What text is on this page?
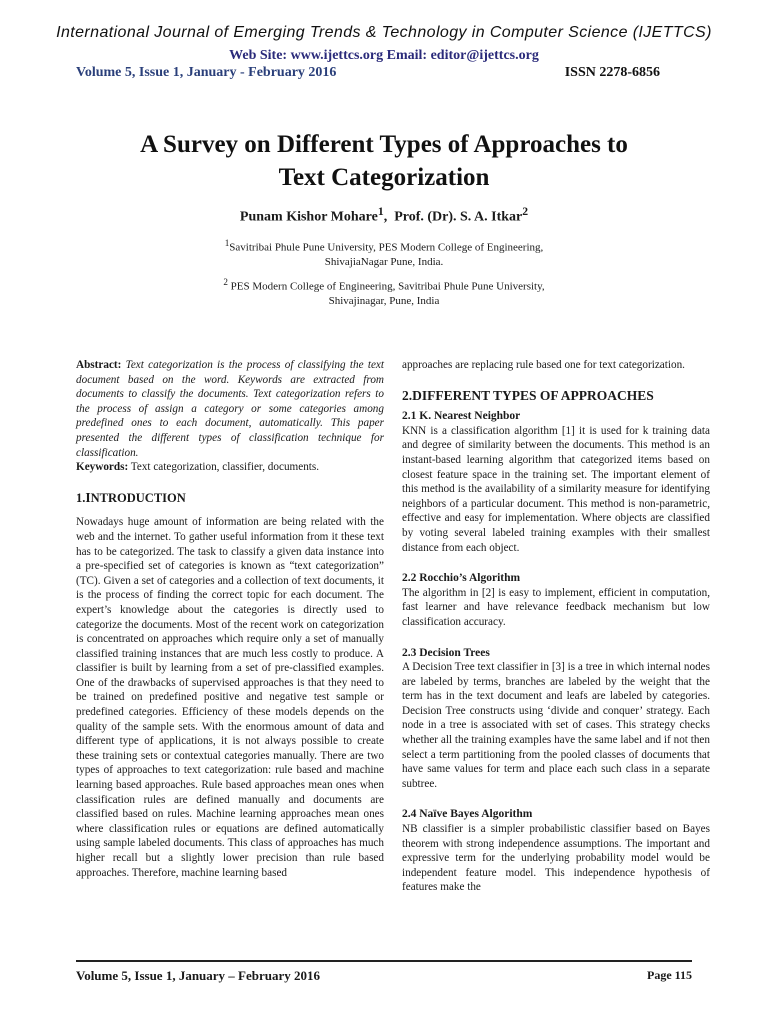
International Journal of Emerging Trends & Technology in Computer Science (IJETTCS)
Web Site: www.ijettcs.org Email: editor@ijettcs.org
Volume 5, Issue 1, January - February 2016	ISSN 2278-6856
A Survey on Different Types of Approaches to
Text Categorization
Punam Kishor Mohare$^1$,  Prof. (Dr). S. A. Itkar$^2$
$^1$Savitribai Phule Pune University, PES Modern College of Engineering,
ShivajiaNagar Pune, India.
$^2$ PES Modern College of Engineering, Savitribai Phule Pune University,
Shivajinagar, Pune, India

Abstract: Text categorization is the process of classifying the text document based on the word. Keywords are extracted from documents to classify the documents. Text categorization refers to the process of assign a category or some categories among predefined ones to each document, automatically. This paper presented the different types of classification technique for classification.

Keywords: Text categorization, classifier, documents.

1.INTRODUCTION

Nowadays huge amount of information are being related with the web and the internet. To gather useful information from it these text has to be categorized. The task to classify a given data instance into a pre-specified set of categories is known as “text categorization” (TC). Given a set of categories and a collection of text documents, it is the process of finding the correct topic for each document. The expert’s knowledge about the categories is directly used to categorize the documents. Most of the recent work on categorization is concentrated on approaches which require only a set of manually classified training instances that are much less costly to produce. A classifier is built by learning from a set of pre-classified examples. One of the drawbacks of supervised approaches is that they need to be trained on predefined positive and negative test sample or predefined categories. Efficiency of these models depends on the quality of the sample sets. With the enormous amount of data and different type of applications, it is not always possible to create these training sets or contextual categories manually. There are two types of approaches to text categorization: rule based and machine learning based approaches. Rule based approaches mean ones when classification rules are defined manually and documents are classified based on rules. Machine learning approaches mean ones where classification rules or equations are defined automatically using sample labeled documents. This class of approaches has much higher recall but a slightly lower precision than rule based approaches. Therefore, machine learning based

approaches are replacing rule based one for text categorization.

2.DIFFERENT TYPES OF APPROACHES

2.1 K. Nearest Neighbor

KNN is a classification algorithm [1] it is used for k training data and degree of similarity between the documents. This method is an instant-based learning algorithm that categorized items based on closest feature space in the training set. The important element of this method is the availability of a similarity measure for identifying neighbors of a particular document. This method is non-parametric, effective and easy for implementation. Where objects are classified by voting several labeled training examples with their smallest distance from each object.

2.2 Rocchio’s Algorithm

The algorithm in [2] is easy to implement, efficient in computation, fast learner and have relevance feedback mechanism but low classification accuracy.

2.3 Decision Trees

A Decision Tree text classifier in [3] is a tree in which internal nodes are labeled by terms, branches are labeled by the weight that the term has in the text document and leafs are labeled by categories. Decision Tree constructs using ‘divide and conquer’ strategy. Each node in a tree is associated with set of cases. This strategy checks whether all the training examples have the same label and if not then select a term partitioning from the pooled classes of documents that have same values for term and place each such class in a separate subtree.

2.4 Naïve Bayes Algorithm

NB classifier is a simpler probabilistic classifier based on Bayes theorem with strong independence assumptions. The important and expressive term for the underlying probability model would be independent feature model. This independence hypothesis of features make the

Volume 5, Issue 1, January – February 2016	Page 115
